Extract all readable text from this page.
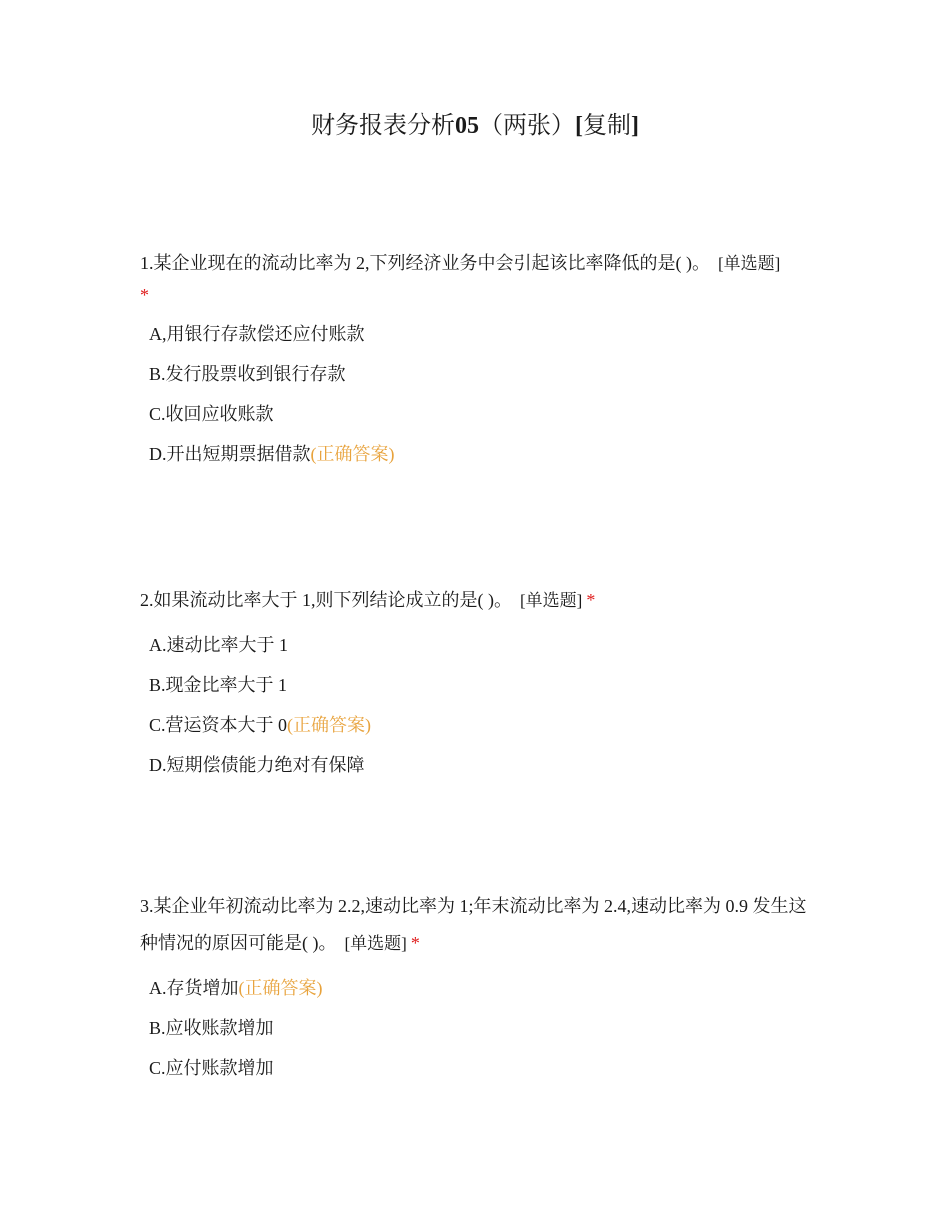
财务报表分析05（两张）[复制]
1.某企业现在的流动比率为 2,下列经济业务中会引起该比率降低的是( )。 [单选题]
*
A,用银行存款偿还应付账款
B.发行股票收到银行存款
C.收回应收账款
D.开出短期票据借款(正确答案)
2.如果流动比率大于 1,则下列结论成立的是( )。 [单选题] *
A.速动比率大于 1
B.现金比率大于 1
C.营运资本大于 0(正确答案)
D.短期偿债能力绝对有保障
3.某企业年初流动比率为 2.2,速动比率为 1;年末流动比率为 2.4,速动比率为 0.9 发生这种情况的原因可能是( )。 [单选题] *
A.存货增加(正确答案)
B.应收账款增加
C.应付账款增加
